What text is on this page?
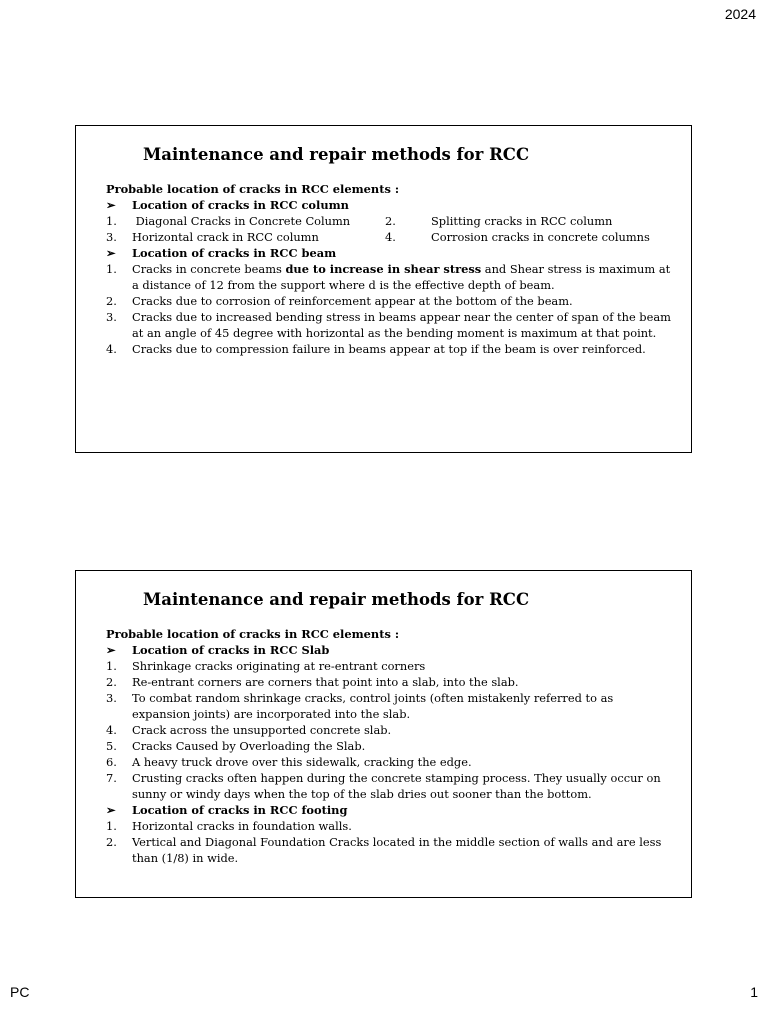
2024
Maintenance and repair methods for RCC
Probable location of cracks in RCC elements :
➢ Location of cracks in RCC column
1. Diagonal Cracks in Concrete Column	2.	Splitting cracks in RCC column
3. Horizontal crack in RCC column	4.	Corrosion cracks in concrete columns
➢ Location of cracks in RCC beam
1. Cracks in concrete beams due to increase in shear stress and Shear stress is maximum at a distance of 12 from the support where d is the effective depth of beam.
2. Cracks due to corrosion of reinforcement appear at the bottom of the beam.
3. Cracks due to increased bending stress in beams appear near the center of span of the beam at an angle of 45 degree with horizontal as the bending moment is maximum at that point.
4. Cracks due to compression failure in beams appear at top if the beam is over reinforced.
Maintenance and repair methods for RCC
Probable location of cracks in RCC elements :
➢ Location of cracks in RCC Slab
1. Shrinkage cracks originating at re-entrant corners
2. Re-entrant corners are corners that point into a slab, into the slab.
3. To combat random shrinkage cracks, control joints (often mistakenly referred to as expansion joints) are incorporated into the slab.
4. Crack across the unsupported concrete slab.
5. Cracks Caused by Overloading the Slab.
6. A heavy truck drove over this sidewalk, cracking the edge.
7. Crusting cracks often happen during the concrete stamping process. They usually occur on sunny or windy days when the top of the slab dries out sooner than the bottom.
➢ Location of cracks in RCC footing
1. Horizontal cracks in foundation walls.
2. Vertical and Diagonal Foundation Cracks located in the middle section of walls and are less than (1/8) in wide.
PC	1
